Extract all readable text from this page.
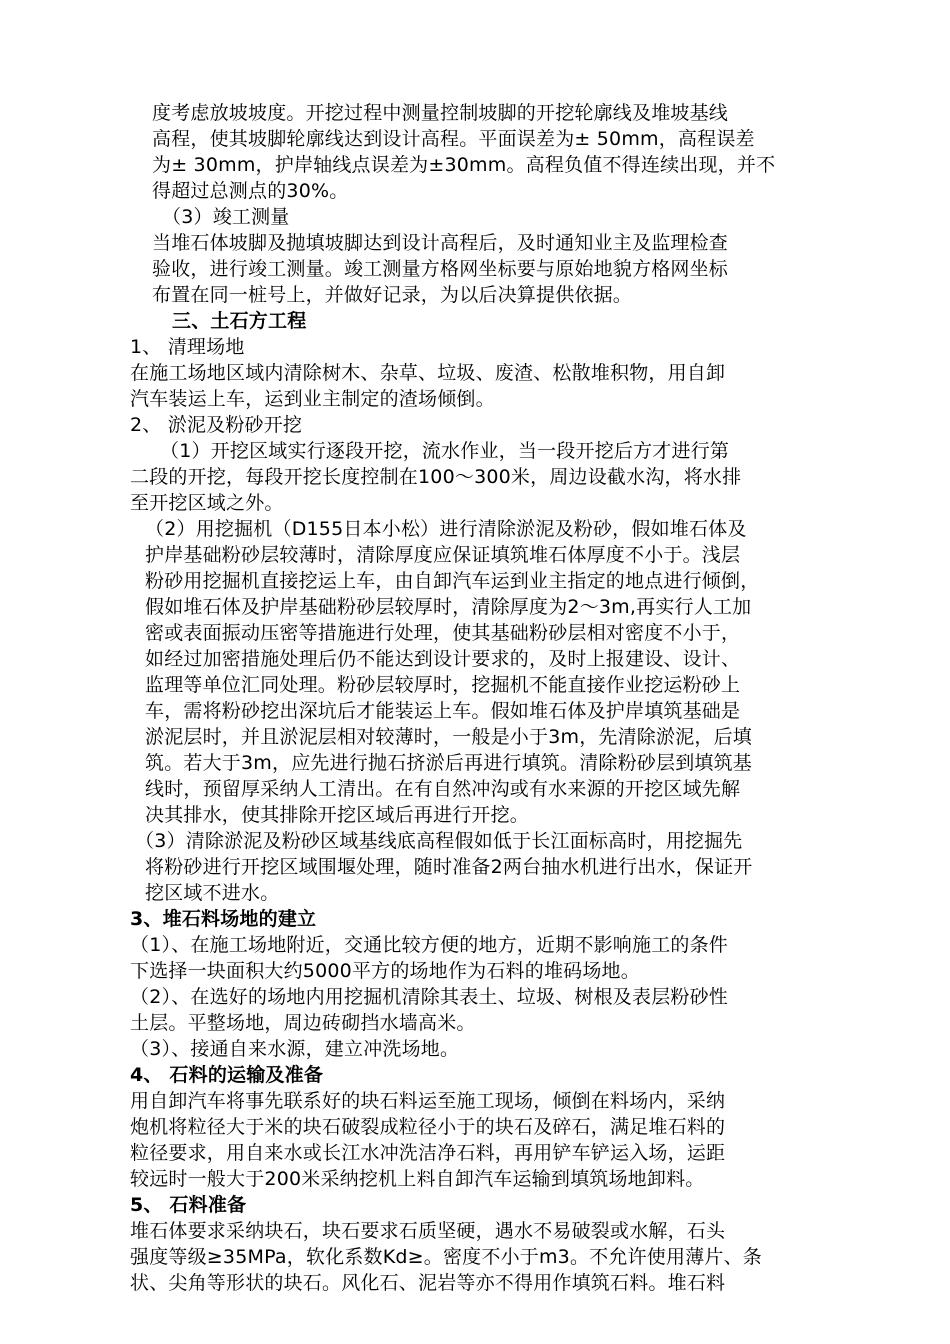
度考虑放坡坡度。开挖过程中测量控制坡脚的开挖轮廓线及堆坡基线
高程，使其坡脚轮廓线达到设计高程。平面误差为± 50mm，高程误差
为± 30mm，护岸轴线点误差为±30mm。高程负值不得连续出现，并不
得超过总测点的30%。
（3）竣工测量
当堆石体坡脚及抛填坡脚达到设计高程后，及时通知业主及监理检查
验收，进行竣工测量。竣工测量方格网坐标要与原始地貌方格网坐标
布置在同一桩号上，并做好记录，为以后决算提供依据。
三、土石方工程
1、 清理场地
在施工场地区域内清除树木、杂草、垃圾、废渣、松散堆积物，用自卸
汽车装运上车，运到业主制定的渣场倾倒。
2、 淤泥及粉砂开挖
（1）开挖区域实行逐段开挖，流水作业，当一段开挖后方才进行第
二段的开挖，每段开挖长度控制在100～300米，周边设截水沟，将水排
至开挖区域之外。
（2）用挖掘机（D155日本小松）进行清除淤泥及粉砂，假如堆石体及
护岸基础粉砂层较薄时，清除厚度应保证填筑堆石体厚度不小于。浅层
粉砂用挖掘机直接挖运上车，由自卸汽车运到业主指定的地点进行倾倒，
假如堆石体及护岸基础粉砂层较厚时，清除厚度为2～3m,再实行人工加
密或表面振动压密等措施进行处理，使其基础粉砂层相对密度不小于，
如经过加密措施处理后仍不能达到设计要求的，及时上报建设、设计、
监理等单位汇同处理。粉砂层较厚时，挖掘机不能直接作业挖运粉砂上
车，需将粉砂挖出深坑后才能装运上车。假如堆石体及护岸填筑基础是
淤泥层时，并且淤泥层相对较薄时，一般是小于3m，先清除淤泥，后填
筑。若大于3m，应先进行抛石挤淤后再进行填筑。清除粉砂层到填筑基
线时，预留厚采纳人工清出。在有自然冲沟或有水来源的开挖区域先解
决其排水，使其排除开挖区域后再进行开挖。
（3）清除淤泥及粉砂区域基线底高程假如低于长江面标高时，用挖掘先
将粉砂进行开挖区域围堰处理，随时准备2两台抽水机进行出水，保证开
挖区域不进水。
3、堆石料场地的建立
（1）、在施工场地附近，交通比较方便的地方，近期不影响施工的条件
下选择一块面积大约5000平方的场地作为石料的堆码场地。
（2）、在选好的场地内用挖掘机清除其表土、垃圾、树根及表层粉砂性
土层。平整场地，周边砖砌挡水墙高米。
（3）、接通自来水源，建立冲洗场地。
4、 石料的运输及准备
用自卸汽车将事先联系好的块石料运至施工现场，倾倒在料场内，采纳
炮机将粒径大于米的块石破裂成粒径小于的块石及碎石，满足堆石料的
粒径要求，用自来水或长江水冲洗洁净石料，再用铲车铲运入场，运距
较远时一般大于200米采纳挖机上料自卸汽车运输到填筑场地卸料。
5、 石料准备
堆石体要求采纳块石，块石要求石质坚硬，遇水不易破裂或水解，石头
强度等级≥35MPa，软化系数Kd≥。密度不小于m3。不允许使用薄片、条
状、尖角等形状的块石。风化石、泥岩等亦不得用作填筑石料。堆石料
